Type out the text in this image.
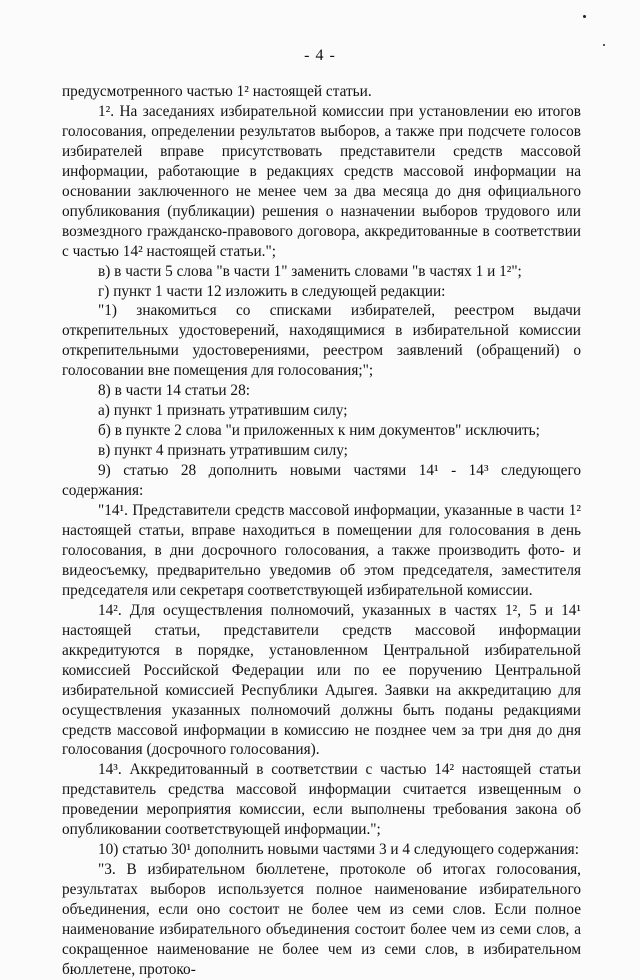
- 4 -

предусмотренного частью 1² настоящей статьи.

1². На заседаниях избирательной комиссии при установлении ею итогов голосования, определении результатов выборов, а также при подсчете голосов избирателей вправе присутствовать представители средств массовой информации, работающие в редакциях средств массовой информации на основании заключенного не менее чем за два месяца до дня официального опубликования (публикации) решения о назначении выборов трудового или возмездного гражданско-правового договора, аккредитованные в соответствии с частью 14² настоящей статьи.";

в) в части 5 слова "в части 1" заменить словами "в частях 1 и 1²";

г) пункт 1 части 12 изложить в следующей редакции:

"1) знакомиться со списками избирателей, реестром выдачи открепительных удостоверений, находящимися в избирательной комиссии открепительными удостоверениями, реестром заявлений (обращений) о голосовании вне помещения для голосования;";

8) в части 14 статьи 28:

а) пункт 1 признать утратившим силу;

б) в пункте 2 слова "и приложенных к ним документов" исключить;

в) пункт 4 признать утратившим силу;

9) статью 28 дополнить новыми частями 14¹ - 14³ следующего содержания:

"14¹. Представители средств массовой информации, указанные в части 1² настоящей статьи, вправе находиться в помещении для голосования в день голосования, в дни досрочного голосования, а также производить фото- и видеосъемку, предварительно уведомив об этом председателя, заместителя председателя или секретаря соответствующей избирательной комиссии.

14². Для осуществления полномочий, указанных в частях 1², 5 и 14¹ настоящей статьи, представители средств массовой информации аккредитуются в порядке, установленном Центральной избирательной комиссией Российской Федерации или по ее поручению Центральной избирательной комиссией Республики Адыгея. Заявки на аккредитацию для осуществления указанных полномочий должны быть поданы редакциями средств массовой информации в комиссию не позднее чем за три дня до дня голосования (досрочного голосования).

14³. Аккредитованный в соответствии с частью 14² настоящей статьи представитель средства массовой информации считается извещенным о проведении мероприятия комиссии, если выполнены требования закона об опубликовании соответствующей информации.";

10) статью 30¹ дополнить новыми частями 3 и 4 следующего содержания:

"3. В избирательном бюллетене, протоколе об итогах голосования, результатах выборов используется полное наименование избирательного объединения, если оно состоит не более чем из семи слов. Если полное наименование избирательного объединения состоит более чем из семи слов, а сокращенное наименование не более чем из семи слов, в избирательном бюллетене, протоко-
